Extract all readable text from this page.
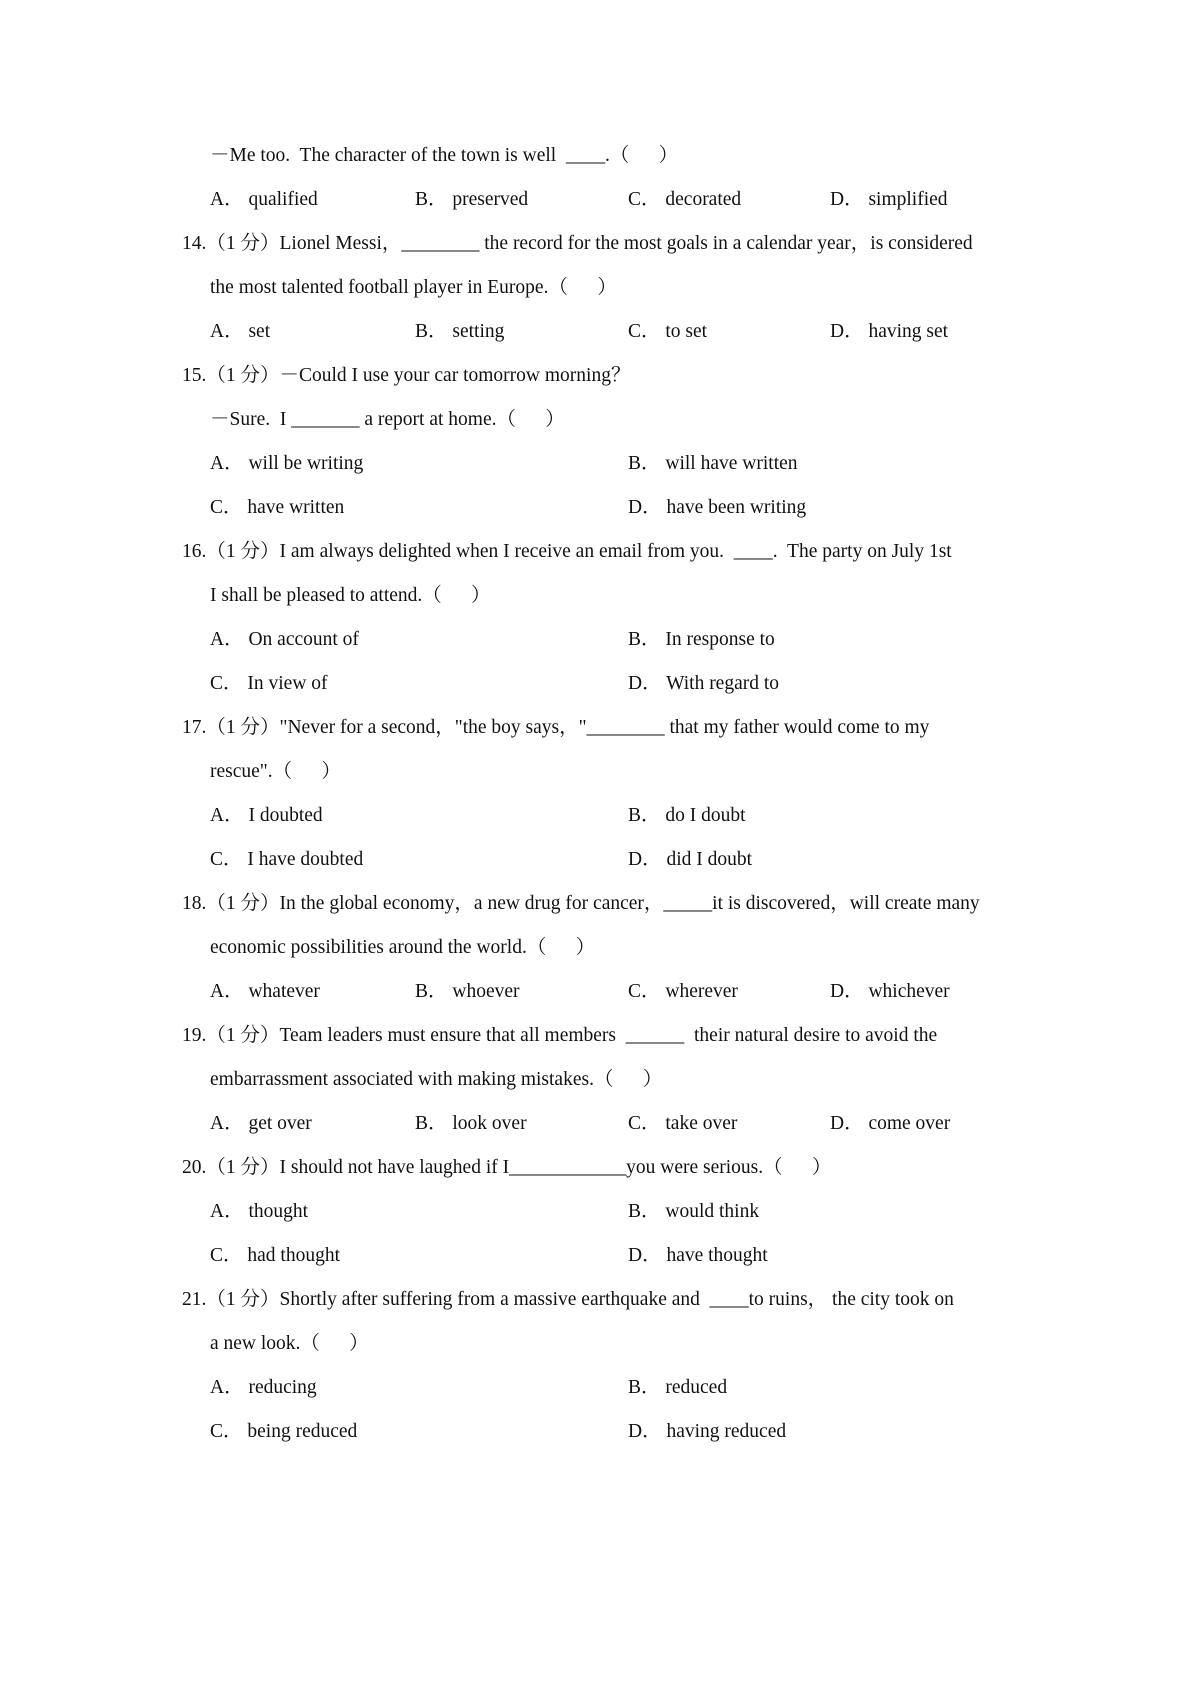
－Me too.  The character of the town is well  ____.（      ）
A． qualified	B． preserved	C． decorated	D． simplified
14.（1 分）Lionel Messi，________ the record for the most goals in a calendar year，is considered
the most talented football player in Europe.（      ）
A． set	B． setting	C． to set	D． having set
15.（1 分）－Could I use your car tomorrow morning？
－Sure.  I _______ a report at home.（      ）
A． will be writing	B． will have written
C． have written	D． have been writing
16.（1 分）I am always delighted when I receive an email from you.  ____.  The party on July 1st
I shall be pleased to attend.（      ）
A． On account of	B． In response to
C． In view of	D． With regard to
17.（1 分）"Never for a second，"the boy says，"________ that my father would come to my
rescue".（      ）
A． I doubted	B． do I doubt
C． I have doubted	D． did I doubt
18.（1 分）In the global economy，a new drug for cancer，_____it is discovered，will create many
economic possibilities around the world.（      ）
A． whatever	B． whoever	C． wherever	D． whichever
19.（1 分）Team leaders must ensure that all members  ______  their natural desire to avoid the
embarrassment associated with making mistakes.（      ）
A． get over	B． look over	C． take over	D． come over
20.（1 分）I should not have laughed if I____________you were serious.（      ）
A． thought	B． would think
C． had thought	D． have thought
21.（1 分）Shortly after suffering from a massive earthquake and  ____to ruins， the city took on
a new look.（      ）
A． reducing	B． reduced
C． being reduced	D． having reduced
